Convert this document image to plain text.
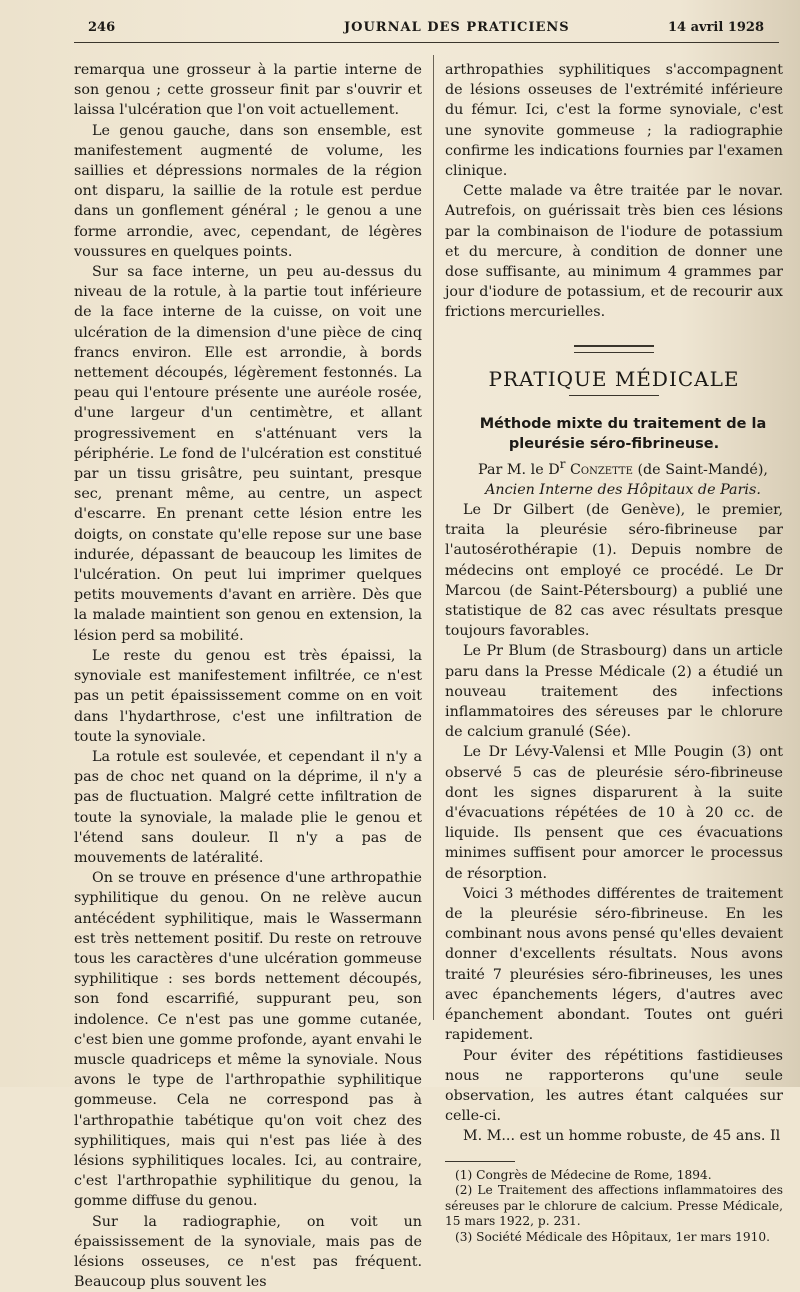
246	JOURNAL DES PRATICIENS	14 avril 1928

remarqua une grosseur à la partie interne de son genou ; cette grosseur finit par s'ouvrir et laissa l'ulcération que l'on voit actuellement.

Le genou gauche, dans son ensemble, est manifestement augmenté de volume, les saillies et dépressions normales de la région ont disparu, la saillie de la rotule est perdue dans un gonflement général ; le genou a une forme arrondie, avec, cependant, de légères voussures en quelques points.

Sur sa face interne, un peu au-dessus du niveau de la rotule, à la partie tout inférieure de la face interne de la cuisse, on voit une ulcération de la dimension d'une pièce de cinq francs environ. Elle est arrondie, à bords nettement découpés, légèrement festonnés. La peau qui l'entoure présente une auréole rosée, d'une largeur d'un centimètre, et allant progressivement en s'atténuant vers la périphérie. Le fond de l'ulcération est constitué par un tissu grisâtre, peu suintant, presque sec, prenant même, au centre, un aspect d'escarre. En prenant cette lésion entre les doigts, on constate qu'elle repose sur une base indurée, dépassant de beaucoup les limites de l'ulcération. On peut lui imprimer quelques petits mouvements d'avant en arrière. Dès que la malade maintient son genou en extension, la lésion perd sa mobilité.

Le reste du genou est très épaissi, la synoviale est manifestement infiltrée, ce n'est pas un petit épaississement comme on en voit dans l'hydarthrose, c'est une infiltration de toute la synoviale.

La rotule est soulevée, et cependant il n'y a pas de choc net quand on la déprime, il n'y a pas de fluctuation. Malgré cette infiltration de toute la synoviale, la malade plie le genou et l'étend sans douleur. Il n'y a pas de mouvements de latéralité.

On se trouve en présence d'une arthropathie syphilitique du genou. On ne relève aucun antécédent syphilitique, mais le Wassermann est très nettement positif. Du reste on retrouve tous les caractères d'une ulcération gommeuse syphilitique : ses bords nettement découpés, son fond escarrifié, suppurant peu, son indolence. Ce n'est pas une gomme cutanée, c'est bien une gomme profonde, ayant envahi le muscle quadriceps et même la synoviale. Nous avons le type de l'arthropathie syphilitique gommeuse. Cela ne correspond pas à l'arthropathie tabétique qu'on voit chez des syphilitiques, mais qui n'est pas liée à des lésions syphilitiques locales. Ici, au contraire, c'est l'arthropathie syphilitique du genou, la gomme diffuse du genou.

Sur la radiographie, on voit un épaississement de la synoviale, mais pas de lésions osseuses, ce n'est pas fréquent. Beaucoup plus souvent les

arthropathies syphilitiques s'accompagnent de lésions osseuses de l'extrémité inférieure du fémur. Ici, c'est la forme synoviale, c'est une synovite gommeuse ; la radiographie confirme les indications fournies par l'examen clinique.

Cette malade va être traitée par le novar. Autrefois, on guérissait très bien ces lésions par la combinaison de l'iodure de potassium et du mercure, à condition de donner une dose suffisante, au minimum 4 grammes par jour d'iodure de potassium, et de recourir aux frictions mercurielles.

PRATIQUE MÉDICALE

Méthode mixte du traitement de la pleurésie séro-fibrineuse.

Par M. le $D^r$ Conzette (de Saint-Mandé),

Ancien Interne des Hôpitaux de Paris.

Le Dr Gilbert (de Genève), le premier, traita la pleurésie séro-fibrineuse par l'autosérothérapie (1). Depuis nombre de médecins ont employé ce procédé. Le Dr Marcou (de Saint-Pétersbourg) a publié une statistique de 82 cas avec résultats presque toujours favorables.

Le Pr Blum (de Strasbourg) dans un article paru dans la Presse Médicale (2) a étudié un nouveau traitement des infections inflammatoires des séreuses par le chlorure de calcium granulé (Sée).

Le Dr Lévy-Valensi et Mlle Pougin (3) ont observé 5 cas de pleurésie séro-fibrineuse dont les signes disparurent à la suite d'évacuations répétées de 10 à 20 cc. de liquide. Ils pensent que ces évacuations minimes suffisent pour amorcer le processus de résorption.

Voici 3 méthodes différentes de traitement de la pleurésie séro-fibrineuse. En les combinant nous avons pensé qu'elles devaient donner d'excellents résultats. Nous avons traité 7 pleurésies séro-fibrineuses, les unes avec épanchements légers, d'autres avec épanchement abondant. Toutes ont guéri rapidement.

Pour éviter des répétitions fastidieuses nous ne rapporterons qu'une seule observation, les autres étant calquées sur celle-ci.

M. M... est un homme robuste, de 45 ans. Il

(1) Congrès de Médecine de Rome, 1894.

(2) Le Traitement des affections inflammatoires des séreuses par le chlorure de calcium. Presse Médicale, 15 mars 1922, p. 231.

(3) Société Médicale des Hôpitaux, 1er mars 1910.
